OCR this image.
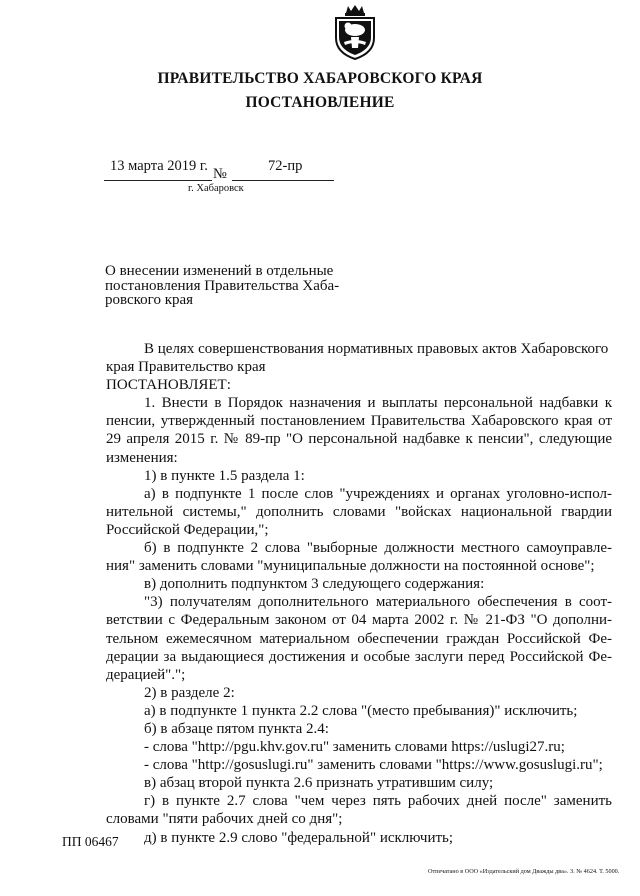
ПРАВИТЕЛЬСТВО ХАБАРОВСКОГО КРАЯ
ПОСТАНОВЛЕНИЕ
13 марта 2019 г. №	72-пр
г. Хабаровск
О внесении изменений в отдельные
постановления Правительства Хаба-
ровского края
В целях совершенствования нормативных правовых актов Хабаровского
края Правительство края
ПОСТАНОВЛЯЕТ:
1. Внести в Порядок назначения и выплаты персональной надбавки к пенсии, утвержденный постановлением Правительства Хабаровского края от 29 апреля 2015 г. № 89-пр "О персональной надбавке к пенсии", следующие изменения:
1) в пункте 1.5 раздела 1:
а) в подпункте 1 после слов "учреждениях и органах уголовно-испол-нительной системы," дополнить словами "войсках национальной гвардии Российской Федерации,";
б) в подпункте 2 слова "выборные должности местного самоуправле-ния" заменить словами "муниципальные должности на постоянной основе";
в) дополнить подпунктом 3 следующего содержания:
"3) получателям дополнительного материального обеспечения в соот-ветствии с Федеральным законом от 04 марта 2002 г. № 21-ФЗ "О дополни-тельном ежемесячном материальном обеспечении граждан Российской Фе-дерации за выдающиеся достижения и особые заслуги перед Российской Фе-дерацией".";
2) в разделе 2:
а) в подпункте 1 пункта 2.2 слова "(место пребывания)" исключить;
б) в абзаце пятом пункта 2.4:
- слова "http://pgu.khv.gov.ru" заменить словами https://uslugi27.ru;
- слова "http://gosuslugi.ru" заменить словами "https://www.gosuslugi.ru";
в) абзац второй пункта 2.6 признать утратившим силу;
г) в пункте 2.7 слова "чем через пять рабочих дней после" заменить словами "пяти рабочих дней со дня";
д) в пункте 2.9 слово "федеральной" исключить;
ПП 06467
Отпечатано в ООО «Издательский дом Дважды два». З. № 4624. Т. 5000.
